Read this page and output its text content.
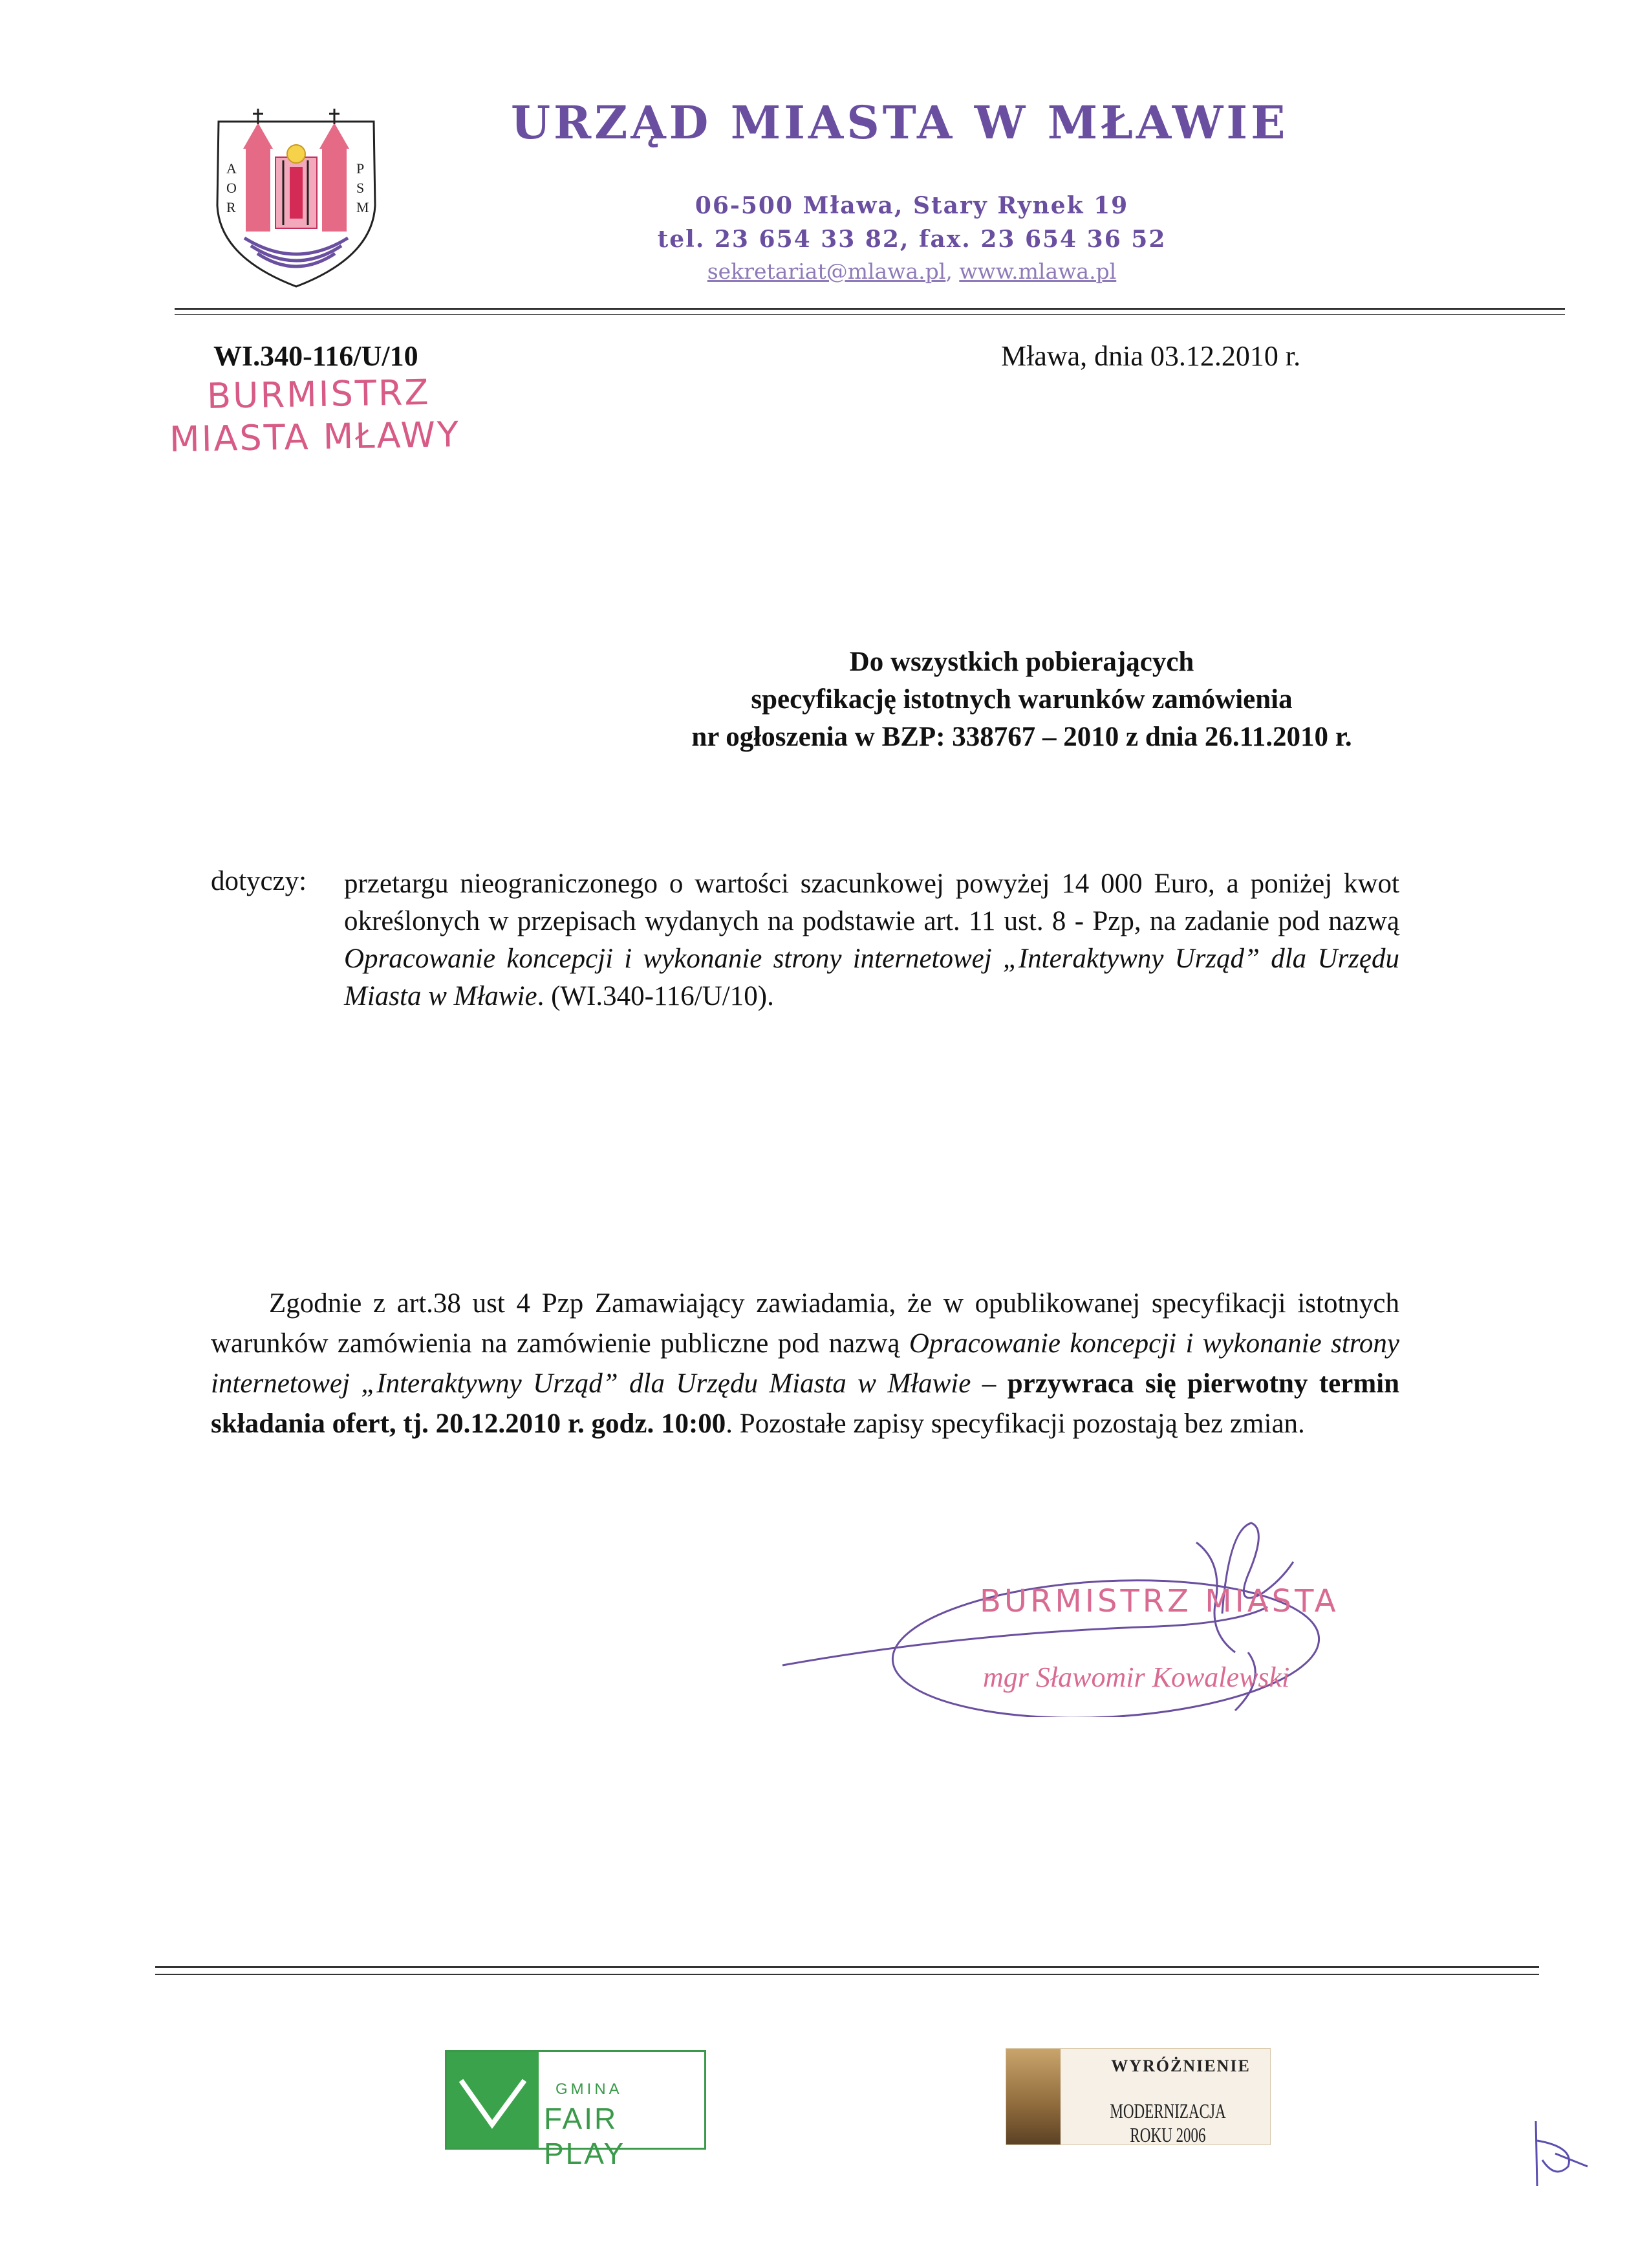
A
O
R
P
S
M
URZĄD MIASTA W MŁAWIE
06-500 Mława, Stary Rynek 19
tel. 23 654 33 82, fax. 23 654 36 52
sekretariat@mlawa.pl, www.mlawa.pl
WI.340-116/U/10	Mława, dnia 03.12.2010 r.
BURMISTRZ
MIASTA MŁAWY
Do wszystkich pobierających
specyfikację istotnych warunków zamówienia
nr ogłoszenia w BZP: 338767 – 2010 z dnia 26.11.2010 r.
dotyczy: przetargu nieograniczonego o wartości szacunkowej powyżej 14 000 Euro, a poniżej kwot określonych w przepisach wydanych na podstawie art. 11 ust. 8 - Pzp, na zadanie pod nazwą Opracowanie koncepcji i wykonanie strony internetowej „Interaktywny Urząd” dla Urzędu Miasta w Mławie. (WI.340-116/U/10).
Zgodnie z art.38 ust 4 Pzp Zamawiający zawiadamia, że w opublikowanej specyfikacji istotnych warunków zamówienia na zamówienie publiczne pod nazwą Opracowanie koncepcji i wykonanie strony internetowej „Interaktywny Urząd” dla Urzędu Miasta w Mławie – przywraca się pierwotny termin składania ofert, tj. 20.12.2010 r. godz. 10:00. Pozostałe zapisy specyfikacji pozostają bez zmian.
BURMISTRZ MIASTA
mgr Sławomir Kowalewski
GMINA
FAIR PLAY
WYRÓŻNIENIE
MODERNIZACJA ROKU 2006
